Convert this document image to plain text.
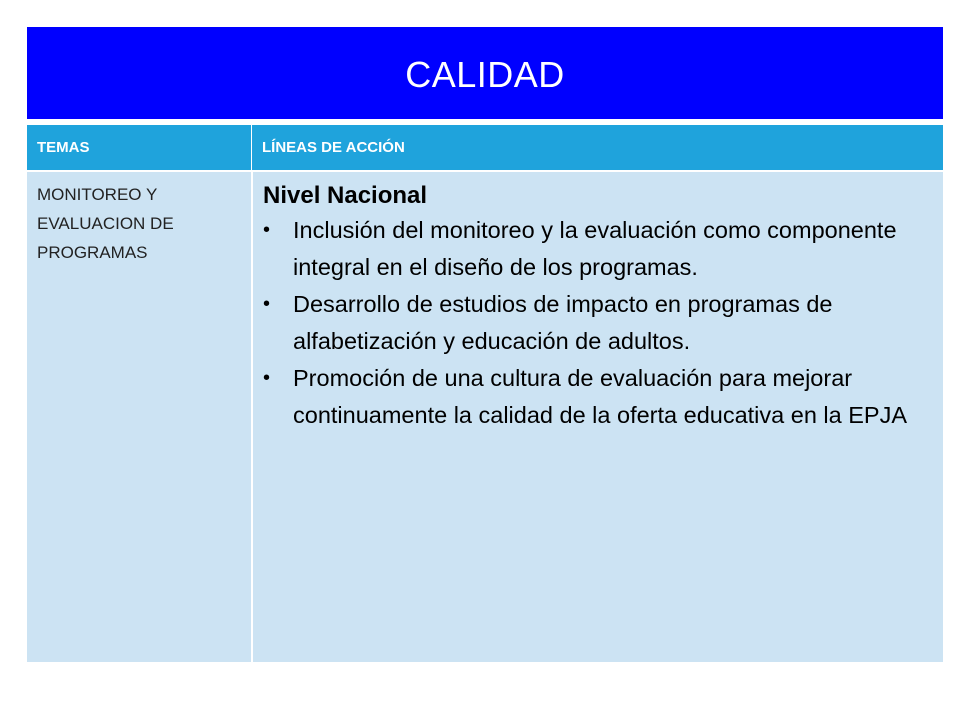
CALIDAD
TEMAS	LÍNEAS DE ACCIÓN
MONITOREO Y EVALUACION DE PROGRAMAS

Nivel Nacional

• Inclusión del monitoreo y la evaluación como componente integral en el diseño de los programas.
• Desarrollo de estudios de impacto en programas de alfabetización y educación de adultos.
• Promoción de una cultura de evaluación para mejorar continuamente la calidad de la oferta educativa en la EPJA
